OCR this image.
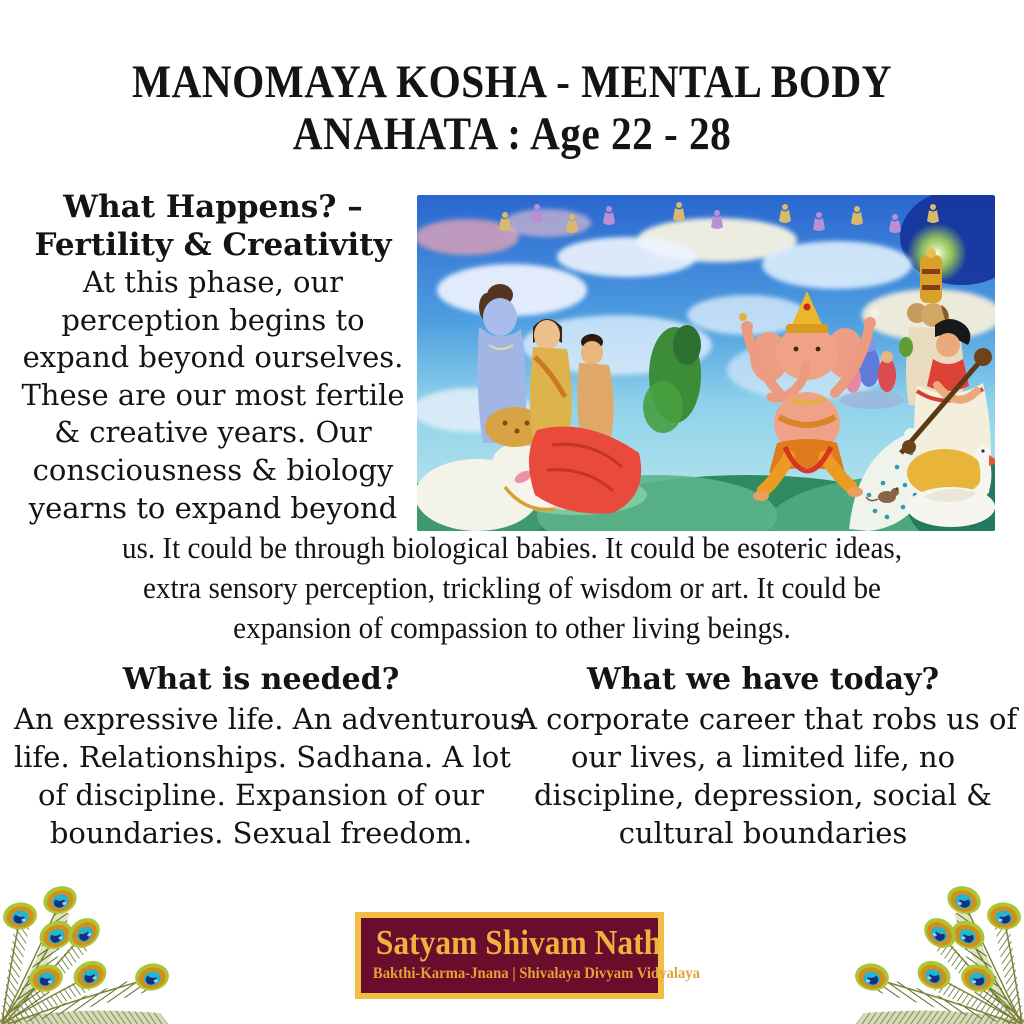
MANOMAYA KOSHA - MENTAL BODY
ANAHATA : Age 22 - 28
What Happens? –
Fertility & Creativity
At this phase, our
perception begins to
expand beyond ourselves.
These are our most fertile
& creative years. Our
consciousness & biology
yearns to expand beyond
us. It could be through biological babies. It could be esoteric ideas,
extra sensory perception, trickling of wisdom or art. It could be
expansion of compassion to other living beings.
What is needed?
An expressive life. An adventurous
life. Relationships. Sadhana. A lot
of discipline. Expansion of our
boundaries. Sexual freedom.
What we have today?
A corporate career that robs us of
our lives, a limited life, no
discipline, depression, social &
cultural boundaries
Satyam Shivam Nath
Bakthi-Karma-Jnana | Shivalaya Divyam Vidyalaya
